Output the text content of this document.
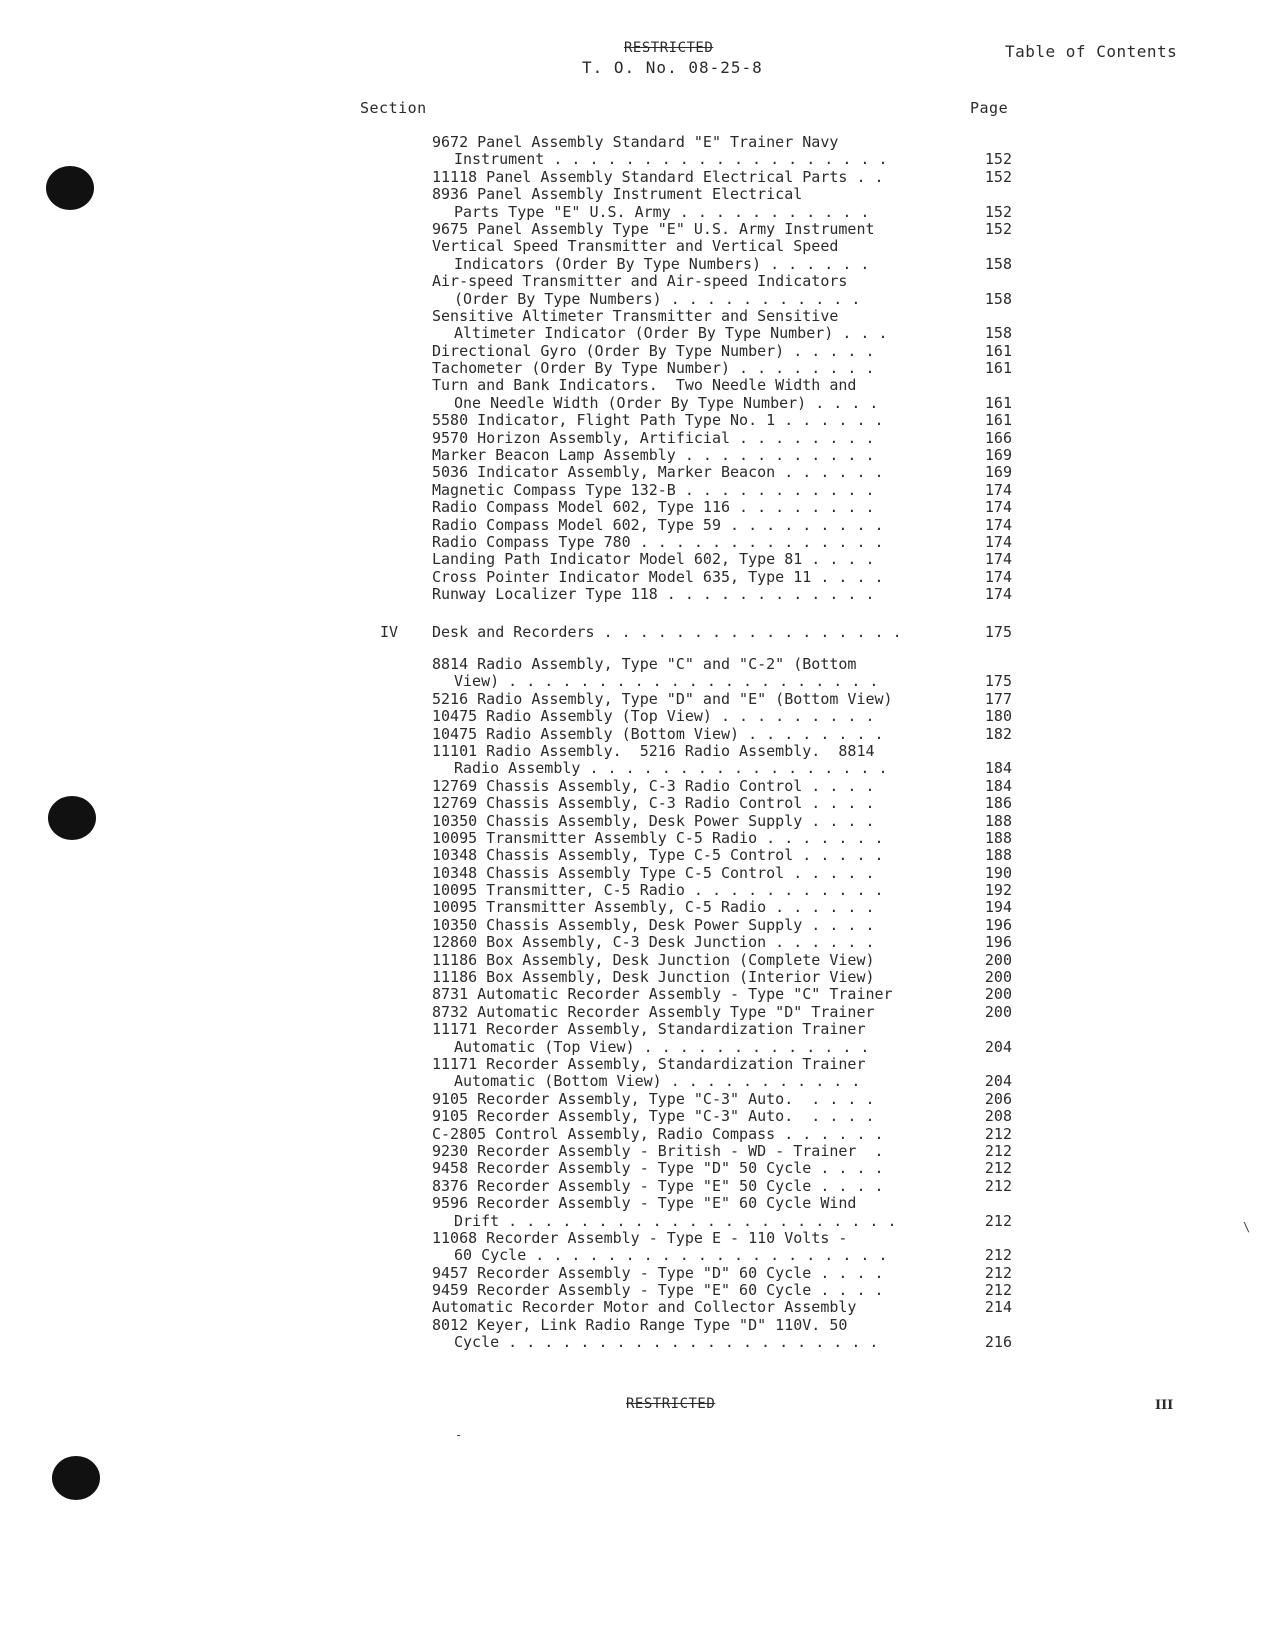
RESTRICTED
T. O. No. 08-25-8
Table of Contents
Section	Page
9672 Panel Assembly Standard "E" Trainer Navy
Instrument . . . . . . . . . . . . . . . . . . .	152
11118 Panel Assembly Standard Electrical Parts . .	152
8936 Panel Assembly Instrument Electrical
Parts Type "E" U.S. Army . . . . . . . . . . .	152
9675 Panel Assembly Type "E" U.S. Army Instrument	152
Vertical Speed Transmitter and Vertical Speed
Indicators (Order By Type Numbers) . . . . . .	158
Air-speed Transmitter and Air-speed Indicators
(Order By Type Numbers) . . . . . . . . . . .	158
Sensitive Altimeter Transmitter and Sensitive
Altimeter Indicator (Order By Type Number) . . .	158
Directional Gyro (Order By Type Number) . . . . .	161
Tachometer (Order By Type Number) . . . . . . . .	161
Turn and Bank Indicators.  Two Needle Width and
One Needle Width (Order By Type Number) . . . .	161
5580 Indicator, Flight Path Type No. 1 . . . . . .	161
9570 Horizon Assembly, Artificial . . . . . . . .	166
Marker Beacon Lamp Assembly . . . . . . . . . . .	169
5036 Indicator Assembly, Marker Beacon . . . . . .	169
Magnetic Compass Type 132-B . . . . . . . . . . .	174
Radio Compass Model 602, Type 116 . . . . . . . .	174
Radio Compass Model 602, Type 59 . . . . . . . . .	174
Radio Compass Type 780 . . . . . . . . . . . . . .	174
Landing Path Indicator Model 602, Type 81 . . . .	174
Cross Pointer Indicator Model 635, Type 11 . . . .	174
Runway Localizer Type 118 . . . . . . . . . . . .	174
IV Desk and Recorders . . . . . . . . . . . . . . . . .	175
8814 Radio Assembly, Type "C" and "C-2" (Bottom
View) . . . . . . . . . . . . . . . . . . . . .	175
5216 Radio Assembly, Type "D" and "E" (Bottom View)	177
10475 Radio Assembly (Top View) . . . . . . . . .	180
10475 Radio Assembly (Bottom View) . . . . . . . .	182
11101 Radio Assembly.  5216 Radio Assembly.  8814
Radio Assembly . . . . . . . . . . . . . . . . .	184
12769 Chassis Assembly, C-3 Radio Control . . . .	184
12769 Chassis Assembly, C-3 Radio Control . . . .	186
10350 Chassis Assembly, Desk Power Supply . . . .	188
10095 Transmitter Assembly C-5 Radio . . . . . . .	188
10348 Chassis Assembly, Type C-5 Control . . . . .	188
10348 Chassis Assembly Type C-5 Control . . . . .	190
10095 Transmitter, C-5 Radio . . . . . . . . . . .	192
10095 Transmitter Assembly, C-5 Radio . . . . . .	194
10350 Chassis Assembly, Desk Power Supply . . . .	196
12860 Box Assembly, C-3 Desk Junction . . . . . .	196
11186 Box Assembly, Desk Junction (Complete View)	200
11186 Box Assembly, Desk Junction (Interior View)	200
8731 Automatic Recorder Assembly - Type "C" Trainer	200
8732 Automatic Recorder Assembly Type "D" Trainer	200
11171 Recorder Assembly, Standardization Trainer
Automatic (Top View) . . . . . . . . . . . . .	204
11171 Recorder Assembly, Standardization Trainer
Automatic (Bottom View) . . . . . . . . . . .	204
9105 Recorder Assembly, Type "C-3" Auto.  . . . .	206
9105 Recorder Assembly, Type "C-3" Auto.  . . . .	208
C-2805 Control Assembly, Radio Compass . . . . . .	212
9230 Recorder Assembly - British - WD - Trainer  .	212
9458 Recorder Assembly - Type "D" 50 Cycle . . . .	212
8376 Recorder Assembly - Type "E" 50 Cycle . . . .	212
9596 Recorder Assembly - Type "E" 60 Cycle Wind
Drift . . . . . . . . . . . . . . . . . . . . . .	212
11068 Recorder Assembly - Type E - 110 Volts -
60 Cycle . . . . . . . . . . . . . . . . . . . .	212
9457 Recorder Assembly - Type "D" 60 Cycle . . . .	212
9459 Recorder Assembly - Type "E" 60 Cycle . . . .	212
Automatic Recorder Motor and Collector Assembly	214
8012 Keyer, Link Radio Range Type "D" 110V. 50
Cycle . . . . . . . . . . . . . . . . . . . . .	216
RESTRICTED	III
\
-
